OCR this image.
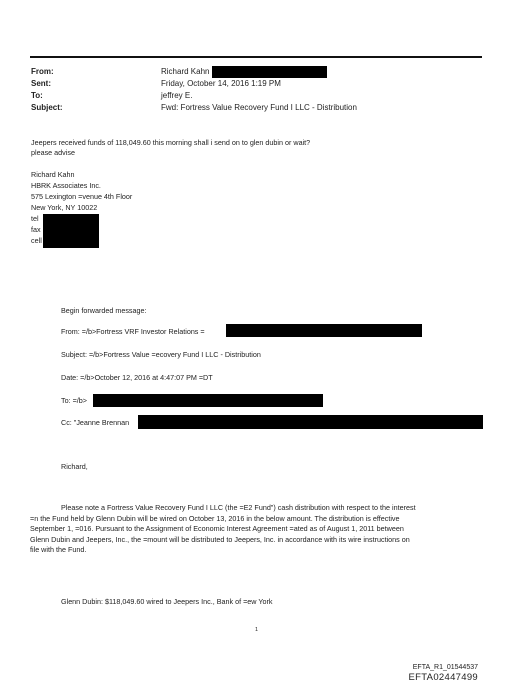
From:	Richard Kahn
Sent:	Friday, October 14, 2016 1:19 PM
To:	jeffrey E.
Subject:	Fwd: Fortress Value Recovery Fund I LLC - Distribution
Jeepers received funds of 118,049.60 this morning shall i send on to glen dubin or wait?
please advise
Richard Kahn
HBRK Associates Inc.
575 Lexington =venue 4th Floor
New York, NY 10022
tel
fax
cell
Begin forwarded message:
From: =/b>Fortress VRF Investor Relations =
Subject: =/b>Fortress Value =ecovery Fund I LLC - Distribution
Date: =/b>October 12, 2016 at 4:47:07 PM =DT
To: =/b>
Cc: "Jeanne Brennan
Richard,
Please note a Fortress Value Recovery Fund I LLC (the =E2 Fund") cash distribution with respect to the interest
=n the Fund held by Glenn Dubin will be wired on October 13, 2016 in the below amount. The distribution is effective
September 1, =016. Pursuant to the Assignment of Economic Interest Agreement =ated as of August 1, 2011 between
Glenn Dubin and Jeepers, Inc., the =mount will be distributed to Jeepers, Inc. in accordance with its wire instructions on
file with the Fund.
Glenn Dubin: $118,049.60 wired to Jeepers Inc., Bank of =ew York
1
EFTA_R1_01544537
EFTA02447499
